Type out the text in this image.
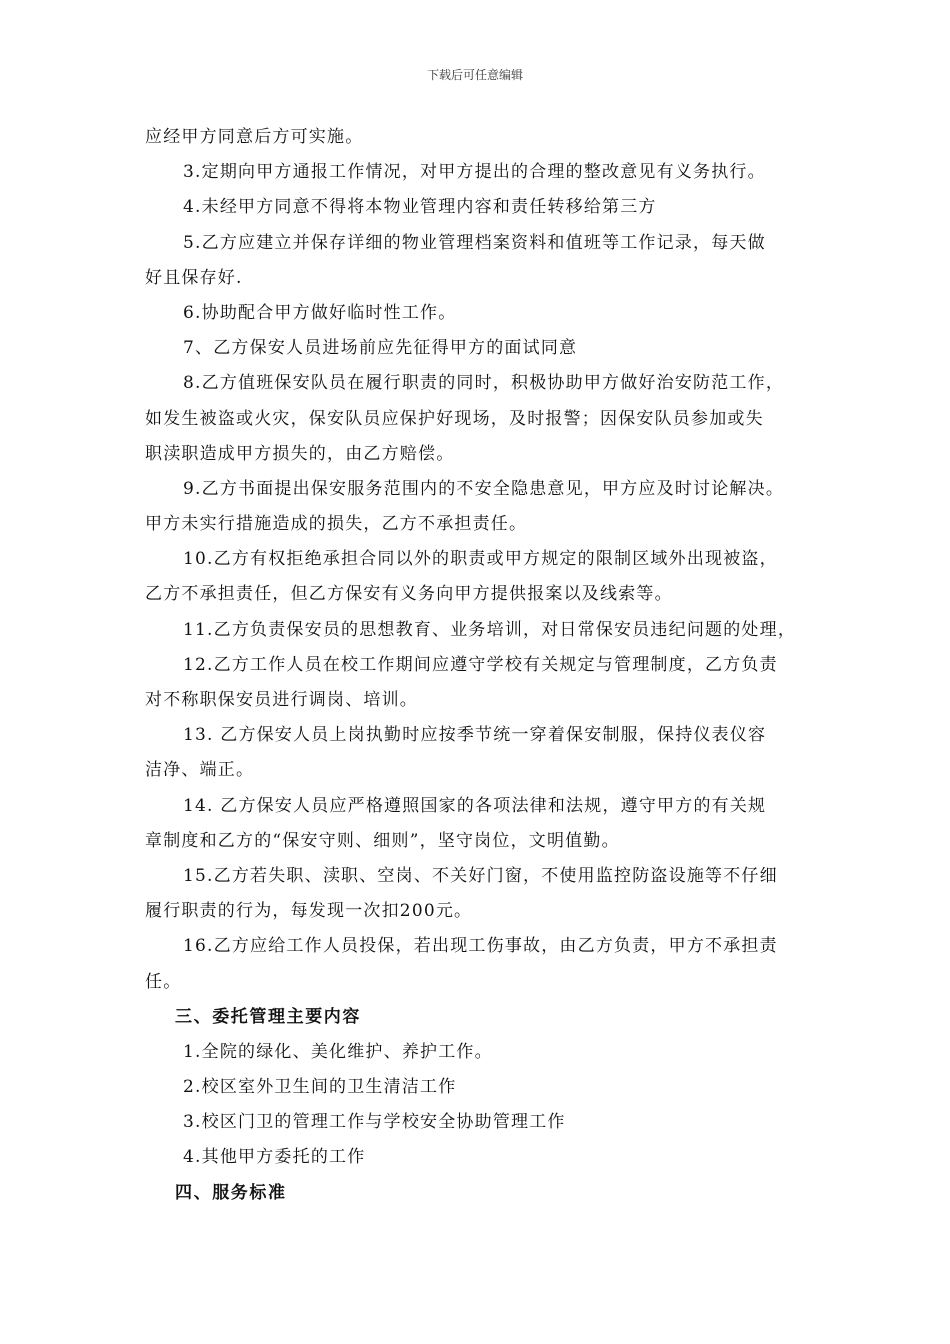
下载后可任意编辑
应经甲方同意后方可实施。
3.定期向甲方通报工作情况，对甲方提出的合理的整改意见有义务执行。
4.未经甲方同意不得将本物业管理内容和责任转移给第三方
5.乙方应建立并保存详细的物业管理档案资料和值班等工作记录，每天做
好且保存好.
6.协助配合甲方做好临时性工作。
7、乙方保安人员进场前应先征得甲方的面试同意
8.乙方值班保安队员在履行职责的同时，积极协助甲方做好治安防范工作，
如发生被盗或火灾，保安队员应保护好现场，及时报警；因保安队员参加或失
职渎职造成甲方损失的，由乙方赔偿。
9.乙方书面提出保安服务范围内的不安全隐患意见，甲方应及时讨论解决。
甲方未实行措施造成的损失，乙方不承担责任。
10.乙方有权拒绝承担合同以外的职责或甲方规定的限制区域外出现被盗，
乙方不承担责任，但乙方保安有义务向甲方提供报案以及线索等。
11.乙方负责保安员的思想教育、业务培训，对日常保安员违纪问题的处理，
12.乙方工作人员在校工作期间应遵守学校有关规定与管理制度，乙方负责
对不称职保安员进行调岗、培训。
13. 乙方保安人员上岗执勤时应按季节统一穿着保安制服，保持仪表仪容
洁净、端正。
14. 乙方保安人员应严格遵照国家的各项法律和法规，遵守甲方的有关规
章制度和乙方的“保安守则、细则”，坚守岗位，文明值勤。
15.乙方若失职、渎职、空岗、不关好门窗，不使用监控防盗设施等不仔细
履行职责的行为，每发现一次扣200元。
16.乙方应给工作人员投保，若出现工伤事故，由乙方负责，甲方不承担责
任。
三、委托管理主要内容
1.全院的绿化、美化维护、养护工作。
2.校区室外卫生间的卫生清洁工作
3.校区门卫的管理工作与学校安全协助管理工作
4.其他甲方委托的工作
四、服务标准
